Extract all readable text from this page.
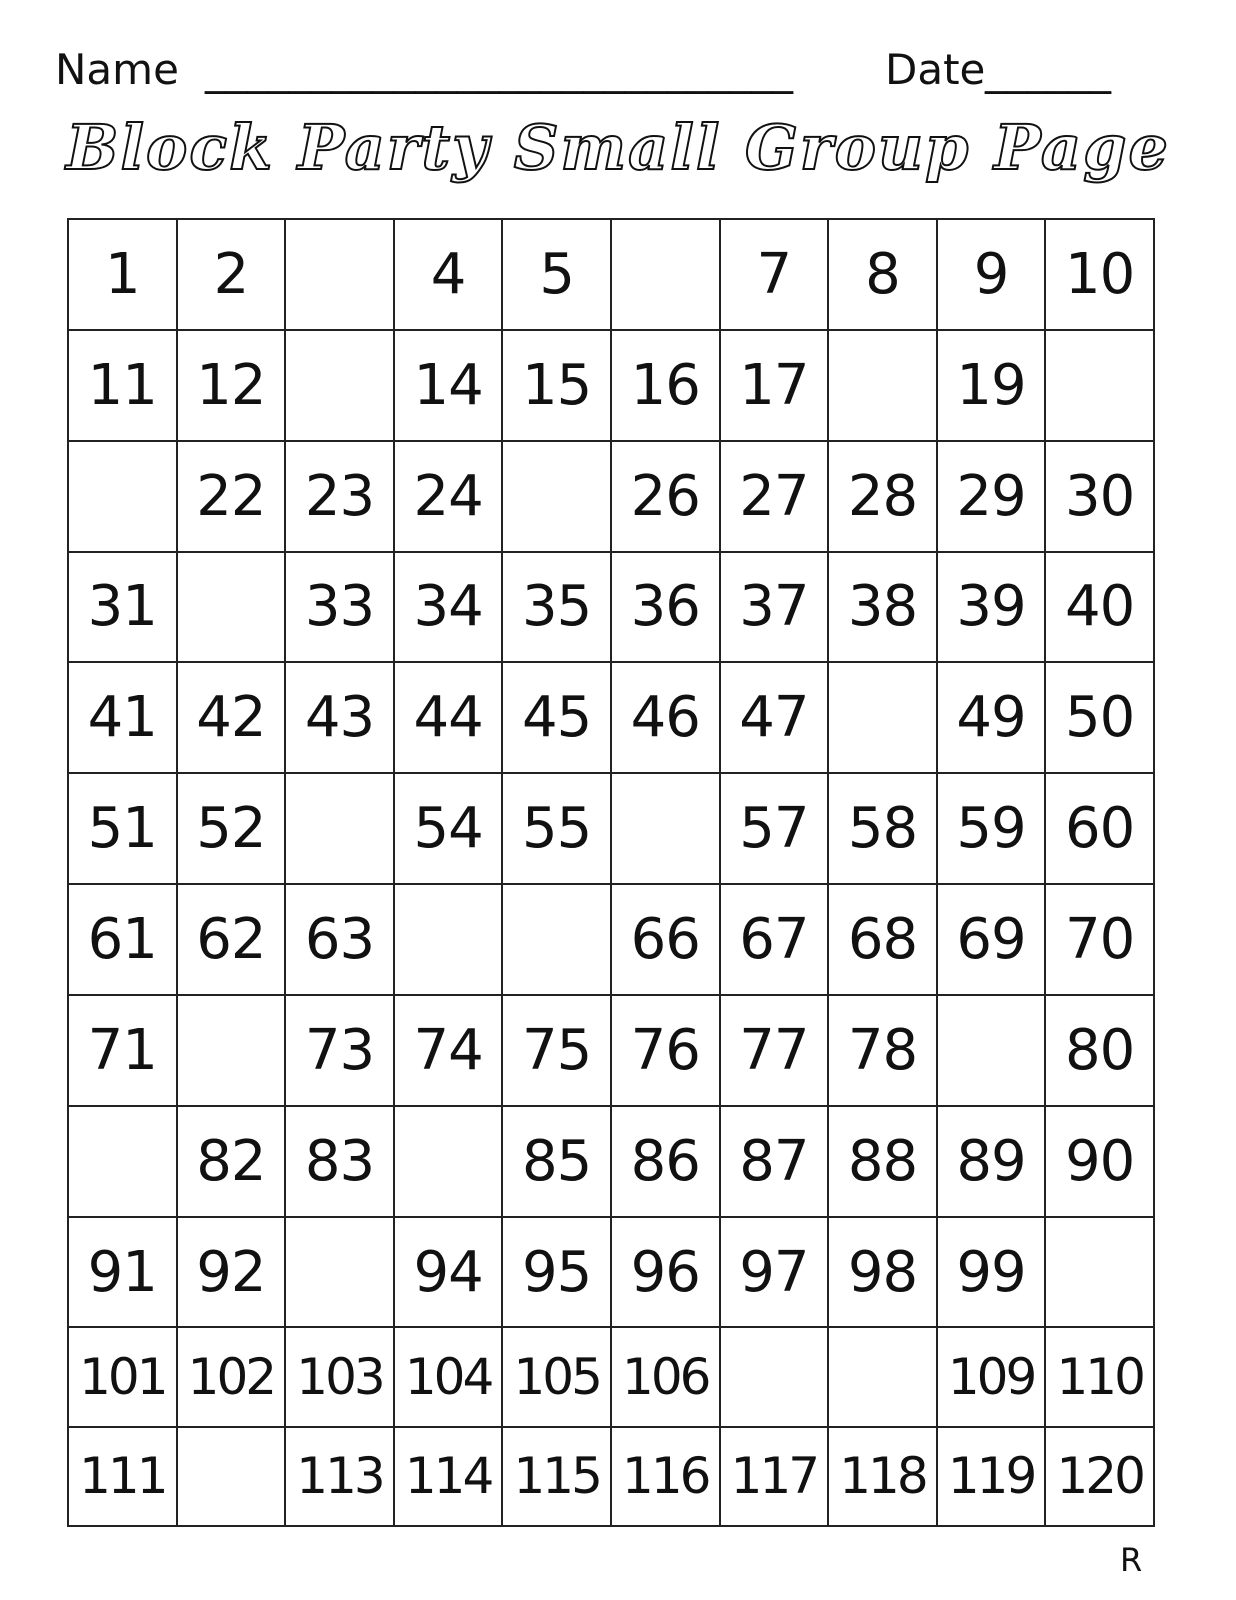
Name ____________________________ Date ______
Block Party Small Group Page
1	2		4	5		7	8	9	10
11	12		14	15	16	17		19	
	22	23	24		26	27	28	29	30
31		33	34	35	36	37	38	39	40
41	42	43	44	45	46	47		49	50
51	52		54	55		57	58	59	60
61	62	63			66	67	68	69	70
71		73	74	75	76	77	78		80
	82	83		85	86	87	88	89	90
91	92		94	95	96	97	98	99	
101	102	103	104	105	106			109	110
111		113	114	115	116	117	118	119	120
R
